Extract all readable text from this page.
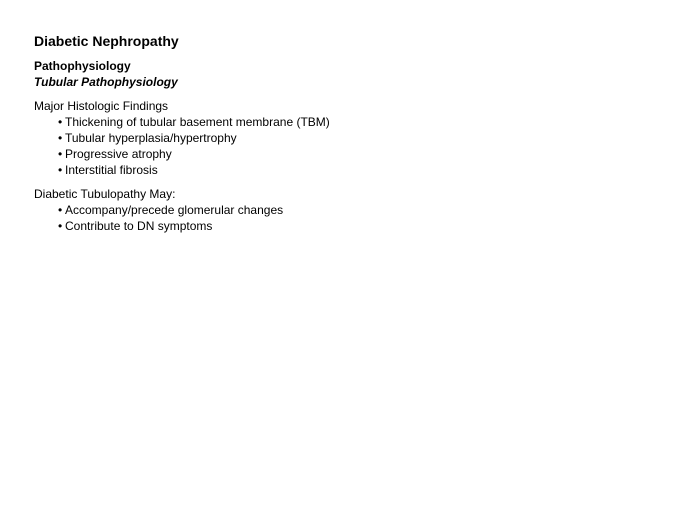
Diabetic Nephropathy
Pathophysiology
Tubular Pathophysiology
Major Histologic Findings
• Thickening of tubular basement membrane (TBM)
• Tubular hyperplasia/hypertrophy
• Progressive atrophy
• Interstitial fibrosis
Diabetic Tubulopathy May:
• Accompany/precede glomerular changes
• Contribute to DN symptoms
